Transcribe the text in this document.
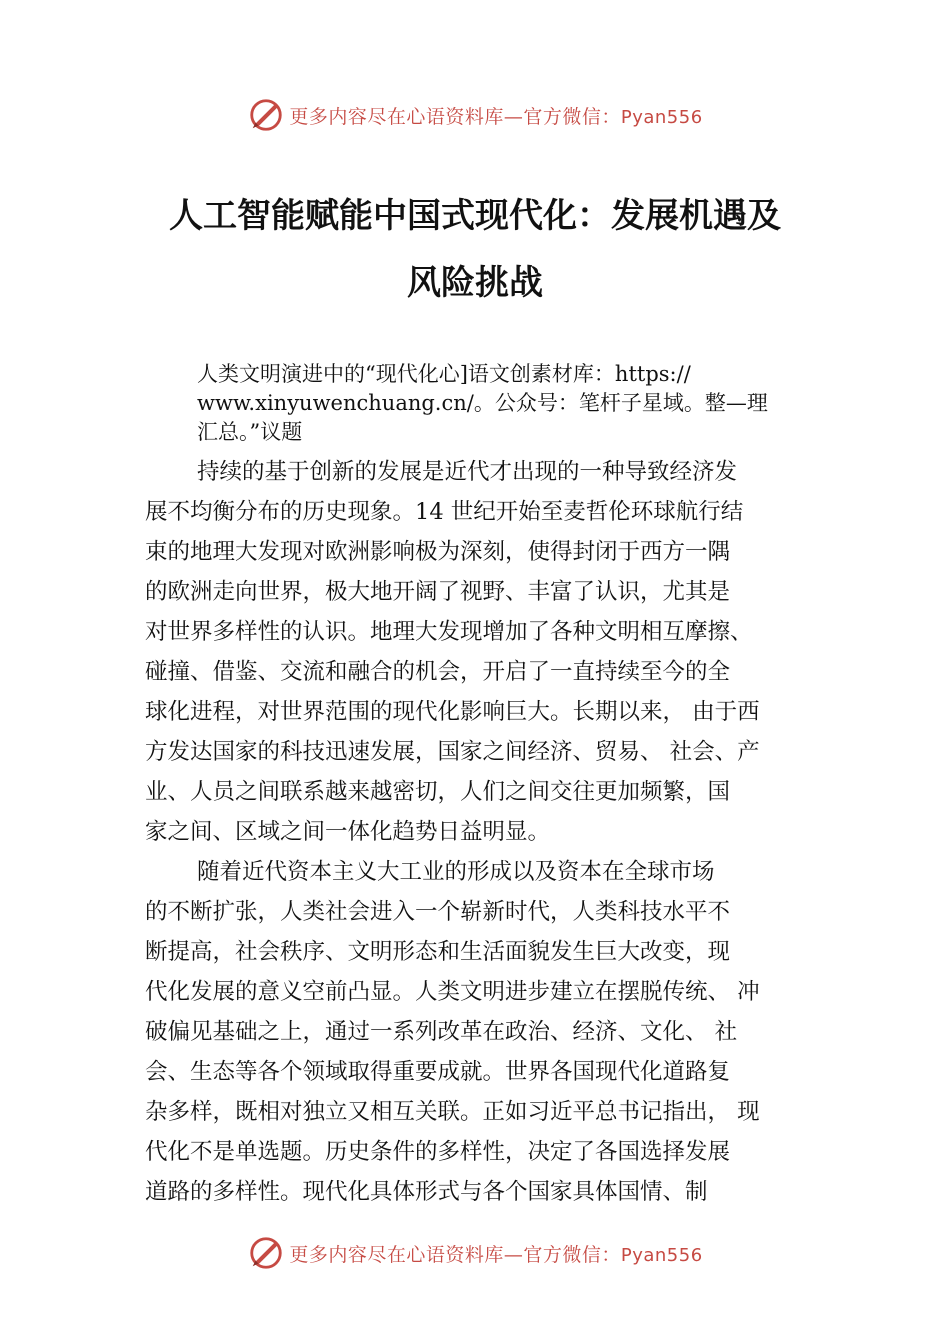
更多内容尽在心语资料库—官方微信：Pyan556
人工智能赋能中国式现代化：发展机遇及
风险挑战
人类文明演进中的“现代化心]语文创素材库：https://
www.xinyuwenchuang.cn/。公众号：笔杆子星域。整—理
汇总。”议题
持续的基于创新的发展是近代才出现的一种导致经济发
展不均衡分布的历史现象。14 世纪开始至麦哲伦环球航行结
束的地理大发现对欧洲影响极为深刻，使得封闭于西方一隅
的欧洲走向世界，极大地开阔了视野、丰富了认识，尤其是
对世界多样性的认识。地理大发现增加了各种文明相互摩擦、
碰撞、借鉴、交流和融合的机会，开启了一直持续至今的全
球化进程，对世界范围的现代化影响巨大。长期以来， 由于西
方发达国家的科技迅速发展，国家之间经济、贸易、 社会、产
业、人员之间联系越来越密切，人们之间交往更加频繁，国
家之间、区域之间一体化趋势日益明显。
随着近代资本主义大工业的形成以及资本在全球市场
的不断扩张，人类社会进入一个崭新时代，人类科技水平不
断提高，社会秩序、文明形态和生活面貌发生巨大改变，现
代化发展的意义空前凸显。人类文明进步建立在摆脱传统、 冲
破偏见基础之上，通过一系列改革在政治、经济、文化、 社
会、生态等各个领域取得重要成就。世界各国现代化道路复
杂多样，既相对独立又相互关联。正如习近平总书记指出， 现
代化不是单选题。历史条件的多样性，决定了各国选择发展
道路的多样性。现代化具体形式与各个国家具体国情、制
更多内容尽在心语资料库—官方微信：Pyan556
